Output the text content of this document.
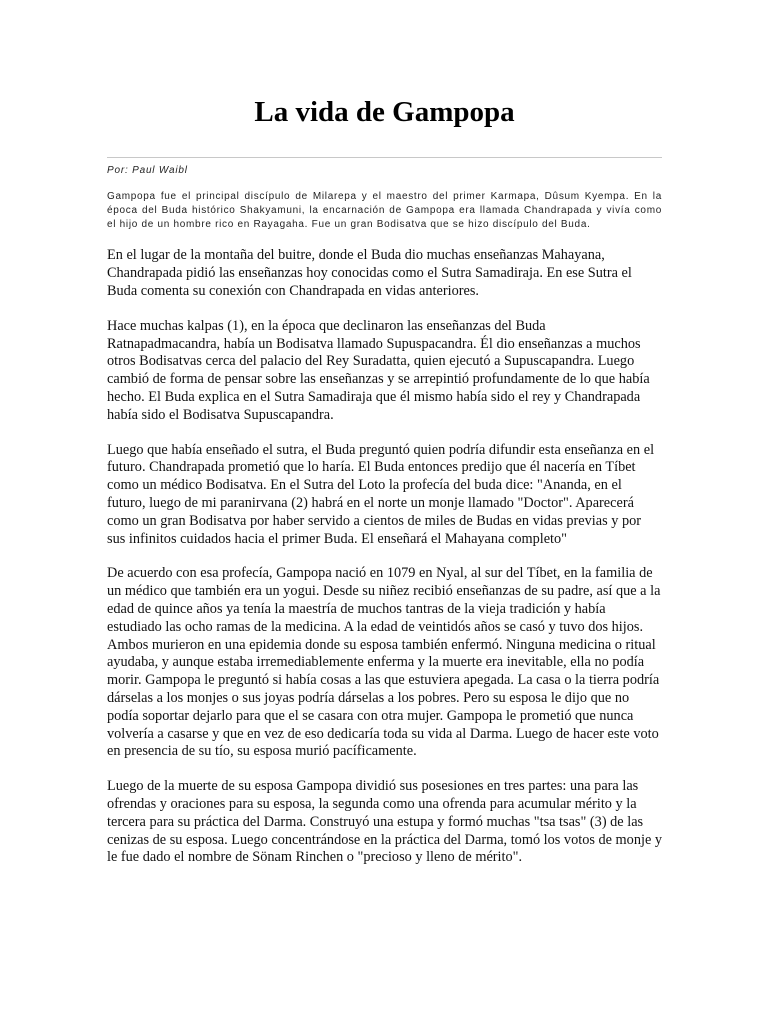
La vida de Gampopa
Por: Paul Waibl

Gampopa fue el principal discípulo de Milarepa y el maestro del primer Karmapa, Dûsum Kyempa. En la época del Buda histórico Shakyamuni, la encarnación de Gampopa era llamada Chandrapada y vivía como el hijo de un hombre rico en Rayagaha. Fue un gran Bodisatva que se hizo discípulo del Buda.

En el lugar de la montaña del buitre, donde el Buda dio muchas enseñanzas Mahayana, Chandrapada pidió las enseñanzas hoy conocidas como el Sutra Samadiraja. En ese Sutra el Buda comenta su conexión con Chandrapada en vidas anteriores.

Hace muchas kalpas (1), en la época que declinaron las enseñanzas del Buda Ratnapadmacandra, había un Bodisatva llamado Supuspacandra. Él dio enseñanzas a muchos otros Bodisatvas cerca del palacio del Rey Suradatta, quien ejecutó a Supuscapandra. Luego cambió de forma de pensar sobre las enseñanzas y se arrepintió profundamente de lo que había hecho. El Buda explica en el Sutra Samadiraja que él mismo había sido el rey y Chandrapada había sido el Bodisatva Supuscapandra.

Luego que había enseñado el sutra, el Buda preguntó quien podría difundir esta enseñanza en el futuro. Chandrapada prometió que lo haría. El Buda entonces predijo que él nacería en Tíbet como un médico Bodisatva. En el Sutra del Loto la profecía del buda dice: "Ananda, en el futuro, luego de mi paranirvana (2) habrá en el norte un monje llamado "Doctor". Aparecerá como un gran Bodisatva por haber servido a cientos de miles de Budas en vidas previas y por sus infinitos cuidados hacia el primer Buda. El enseñará el Mahayana completo"

De acuerdo con esa profecía, Gampopa nació en 1079 en Nyal, al sur del Tíbet, en la familia de un médico que también era un yogui. Desde su niñez recibió enseñanzas de su padre, así que a la edad de quince años ya tenía la maestría de muchos tantras de la vieja tradición y había estudiado las ocho ramas de la medicina. A la edad de veintidós años se casó y tuvo dos hijos. Ambos murieron en una epidemia donde su esposa también enfermó. Ninguna medicina o ritual ayudaba, y aunque estaba irremediablemente enferma y la muerte era inevitable, ella no podía morir. Gampopa le preguntó si había cosas a las que estuviera apegada. La casa o la tierra podría dárselas a los monjes o sus joyas podría dárselas a los pobres. Pero su esposa le dijo que no podía soportar dejarlo para que el se casara con otra mujer. Gampopa le prometió que nunca volvería a casarse y que en vez de eso dedicaría toda su vida al Darma. Luego de hacer este voto en presencia de su tío, su esposa murió pacíficamente.

Luego de la muerte de su esposa Gampopa dividió sus posesiones en tres partes: una para las ofrendas y oraciones para su esposa, la segunda como una ofrenda para acumular mérito y la tercera para su práctica del Darma. Construyó una estupa y formó muchas "tsa tsas" (3) de las cenizas de su esposa. Luego concentrándose en la práctica del Darma, tomó los votos de monje y le fue dado el nombre de Sönam Rinchen o "precioso y lleno de mérito".
